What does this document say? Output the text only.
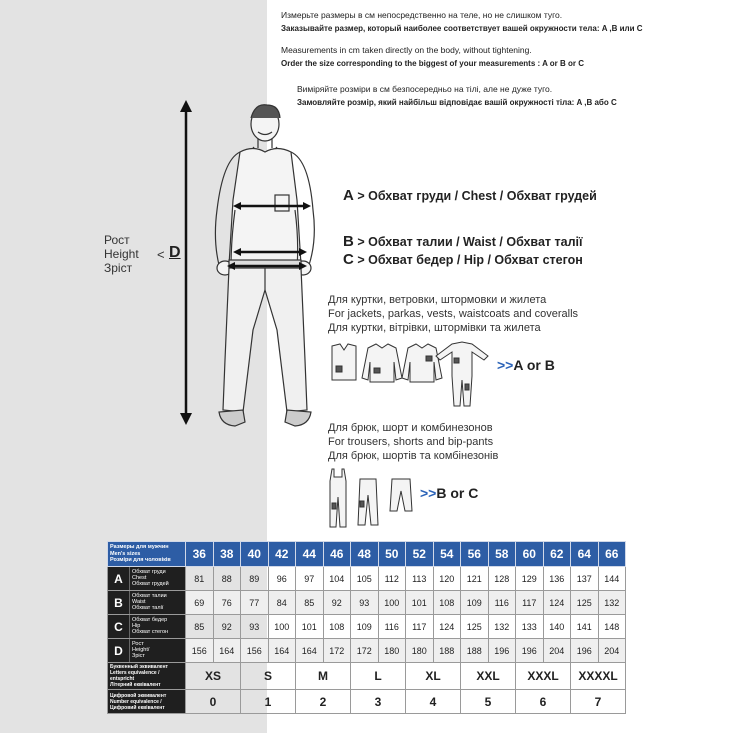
Измерьте размеры в см непосредственно на теле, но не слишком туго.
Заказывайте размер, который наиболее соответствует вашей окружности тела: A ,B или C
Measurements in cm taken directly on the body, without tightening.
Order the size corresponding to the biggest of your measurements : A or B or C
Виміряйте розміри в см безпосередньо на тілі, але не дуже туго.
Замовляйте розмір, який найбільш відповідає вашій окружності тіла: A ,B або C
Рост
Height
Зрiст
< D
A > Обхват груди / Chest / Обхват грудей
B > Обхват талии / Waist / Обхват талії
C > Обхват бедер / Hip / Обхват стегон
Для куртки, ветровки, штормовки и жилета
For jackets, parkas, vests, waistcoats and coveralls
Для куртки, вітрівки, штормівки та жилета
>>A or B
Для брюк, шорт и комбинезонов
For trousers, shorts and bip-pants
Для брюк, шортів та комбінезонів
>>B or C
Размеры для мужчин
Men's sizes
Розміри для чоловіків	36	38	40	42	44	46	48	50	52	54	56	58	60	62	64	66

A Обхват груди
Chest
Обхват грудей	81	88	89	96	97	104	105	112	113	120	121	128	129	136	137	144

B Обхват талии
Waist
Обхват талії	69	76	77	84	85	92	93	100	101	108	109	116	117	124	125	132

C Обхват бедер
Hip
Обхват стегон	85	92	93	100	101	108	109	116	117	124	125	132	133	140	141	148

D Рост
Height/
Зріст	156	164	156	164	164	172	172	180	180	188	188	196	196	204	196	204

Буквенный эквивалент
Letters equivalence / entspricht
Літерний еквівалент	XS		S		M		L		XL		XXL		XXXL		XXXXL	

Цифровой эквивалент
Number equivalence /
Цифровий еквівалент	0		1		2		3		4		5		6		7	
